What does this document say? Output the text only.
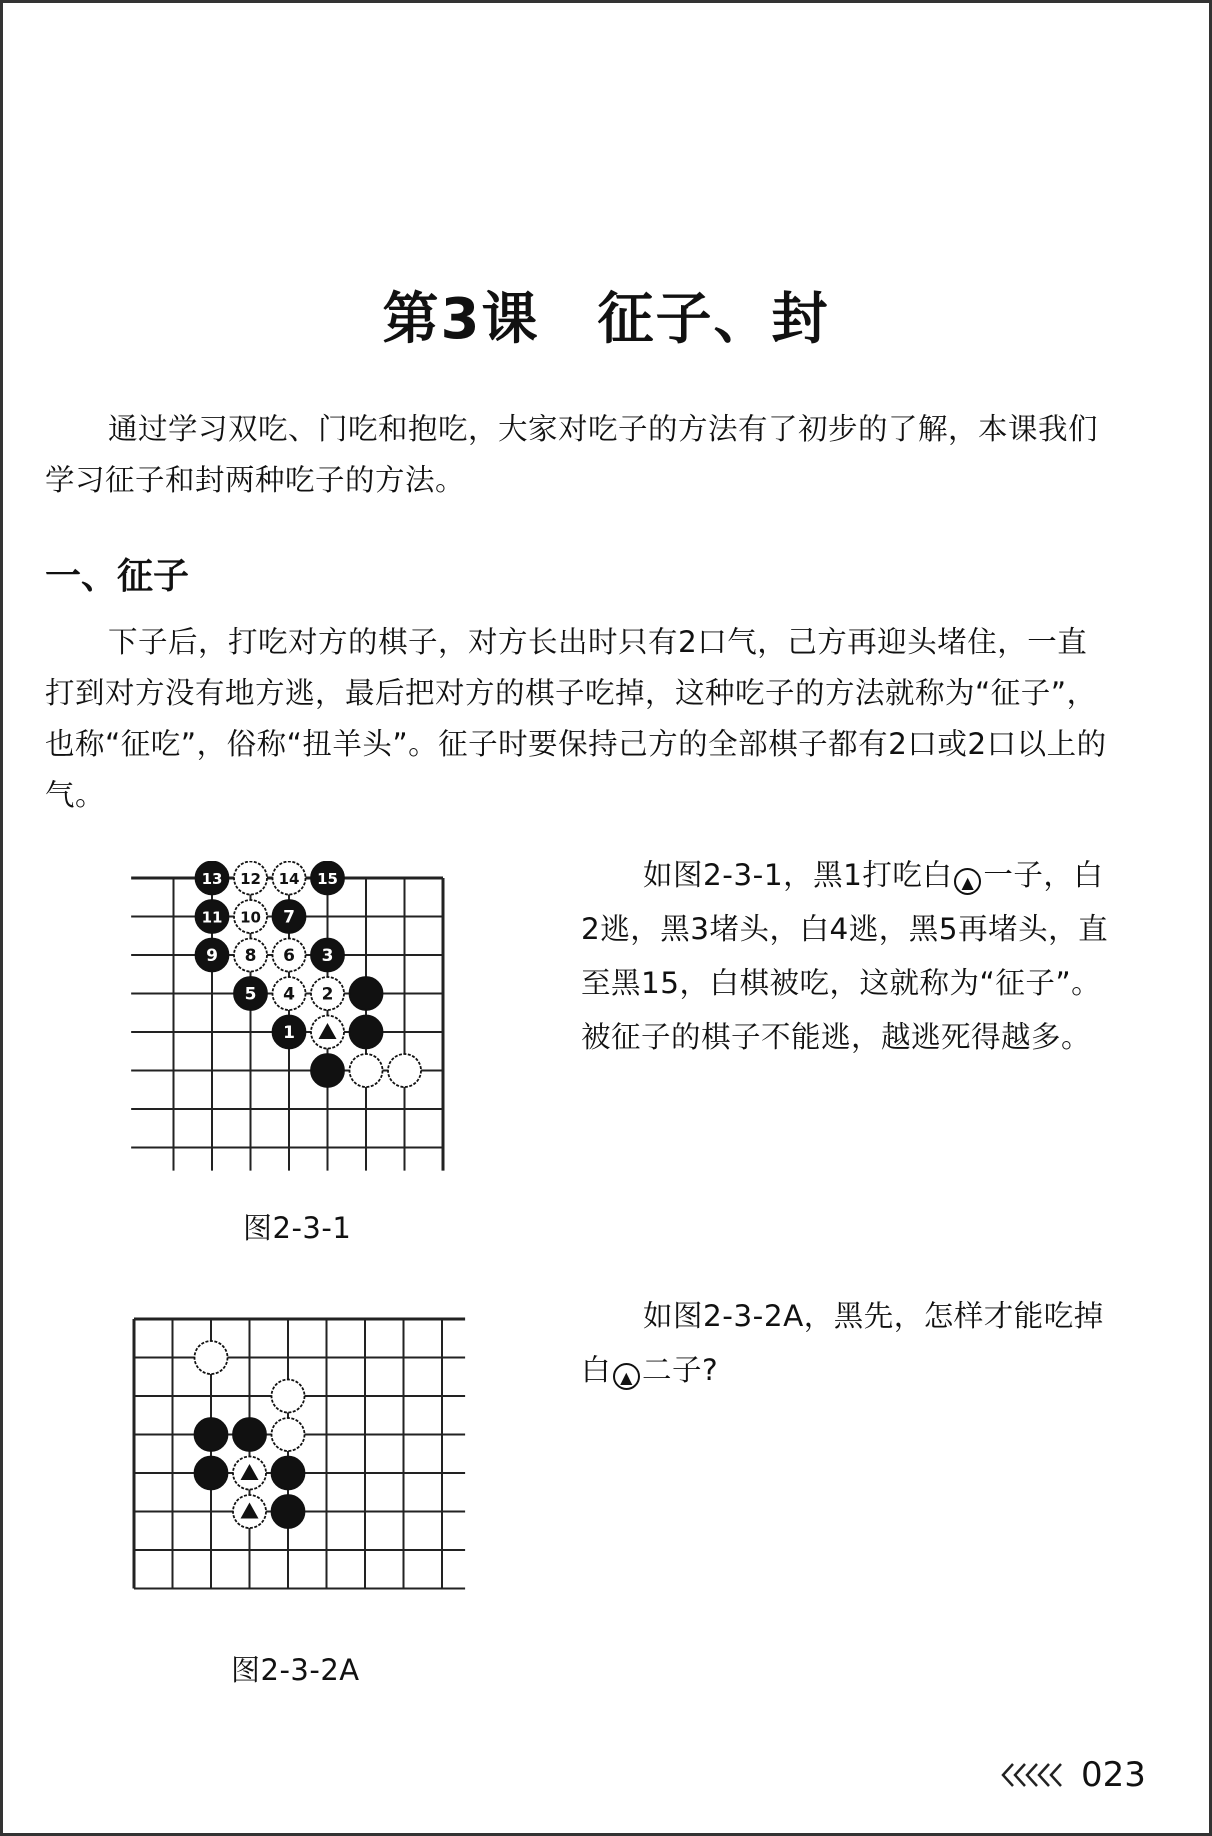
第3课 征子、封
通过学习双吃、门吃和抱吃，大家对吃子的方法有了初步的了解，本课我们学习征子和封两种吃子的方法。
一、征子
下子后，打吃对方的棋子，对方长出时只有2口气，己方再迎头堵住，一直打到对方没有地方逃，最后把对方的棋子吃掉，这种吃子的方法就称为“征子”，也称“征吃”，俗称“扭羊头”。征子时要保持己方的全部棋子都有2口或2口以上的气。
13 12 14 15
11 10 7
9 8 6 3
5 4 2
1
图2-3-1
如图2-3-1，黑1打吃白 ▲ 一子，白2逃，黑3堵头，白4逃，黑5再堵头，直至黑15，白棋被吃，这就称为“征子”。被征子的棋子不能逃，越逃死得越多。
图2-3-2A
如图2-3-2A，黑先，怎样才能吃掉白 ▲ 二子?
023
